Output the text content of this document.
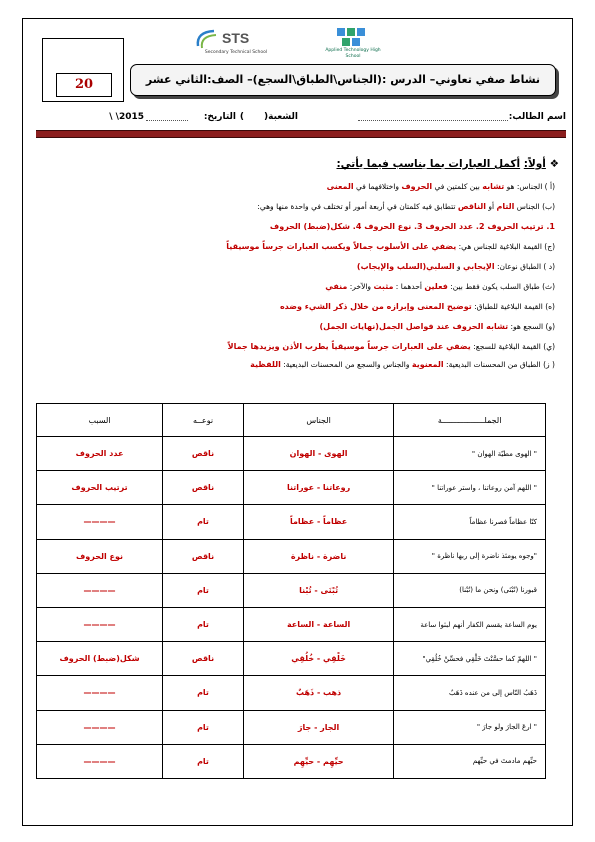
20
STS
Secondary Technical School	Applied Technology High School
نشاط صفي تعاوني– الدرس :(الجناس\الطباق\السجع)– الصف:الثاني عشر
اسم الطالب:
الشعبة(
)
التاريخ:
2015\ \
❖ أولاً: أكمل العبارات بما يناسب فيما يأتي:
(أ ) الجناس: هو تشابه بين كلمتين في الحروف واختلافهما في المعنى
(ب) الجناس التام أو الناقص تتطابق فيه كلمتان في أربعة أمور أو تختلف في واحدة منها وهي:
1. ترتيب الحروف 2. عدد الحروف 3. نوع الحروف 4. شكل(ضبط) الحروف
(ج) القيمة البلاغية للجناس هي: يضفي على الأسلوب جمالاً ويكسب العبارات جرساً موسيقياً
(د ) الطباق نوعان: الإيجابي و السلبي(السلب والإيجاب)
(ث) طباق السلب يكون فقط بين: فعلين أحدهما : مثبت والآخر: منفي
(ه) القيمة البلاغية للطباق: توضيح المعنى وإبرازه من خلال ذكر الشيء وضده
(و) السجع هو: تشابه الحروف عند فواصل الجمل(نهايات الجمل)
(ي) القيمة البلاغية للسجع: يضفي على العبارات جرساً موسيقياً يطرب الأذن ويزيدها جمالاً
( ز) الطباق من المحسنات البديعية: المعنوية والجناس والسجع من المحسنات البديعية: اللفظية
الجملــــــــــــــــــة	الجناس	نوعــه	السبب
" الهوى مطيّة الهوان "	الهوى - الهوان	ناقص	عدد الحروف
" اللهم آمن روعاتنا ، واستر عوراتنا "	روعاتنا - عوراتنا	ناقص	ترتيب الحروف
كنّا عظاماً فصرنا عظاماً	عظاماً - عظاماً	تام	————
"وجوه يومئذ ناضرة إلى ربها ناظرة "	ناضرة - ناظرة	ناقص	نوع الحروف
قبورنا (تُبْنَى) ونحن ما (تُبْنا)	تُبْنَى - تُبْنا	تام	————
يوم الساعة يقسم الكفار أنهم لبثوا ساعة	الساعة - الساعة	تام	————
" اللهمّ كما حسَّنْتَ خَلْقِي فحسِّنْ خُلُقِي"	خَلْقِي - خُلُقِي	ناقص	شكل(ضبط) الحروف
ذَهَبُ النّاس إلى من عنده ذَهَبٌ	ذهب - ذَهَبٌ	تام	————
" ارعَ الجارَ ولو جارَ "	الجار - جارَ	تام	————
حيِّهم مادمتَ في حيِّهم	حيِّهِم - حيِّهِم	تام	————
